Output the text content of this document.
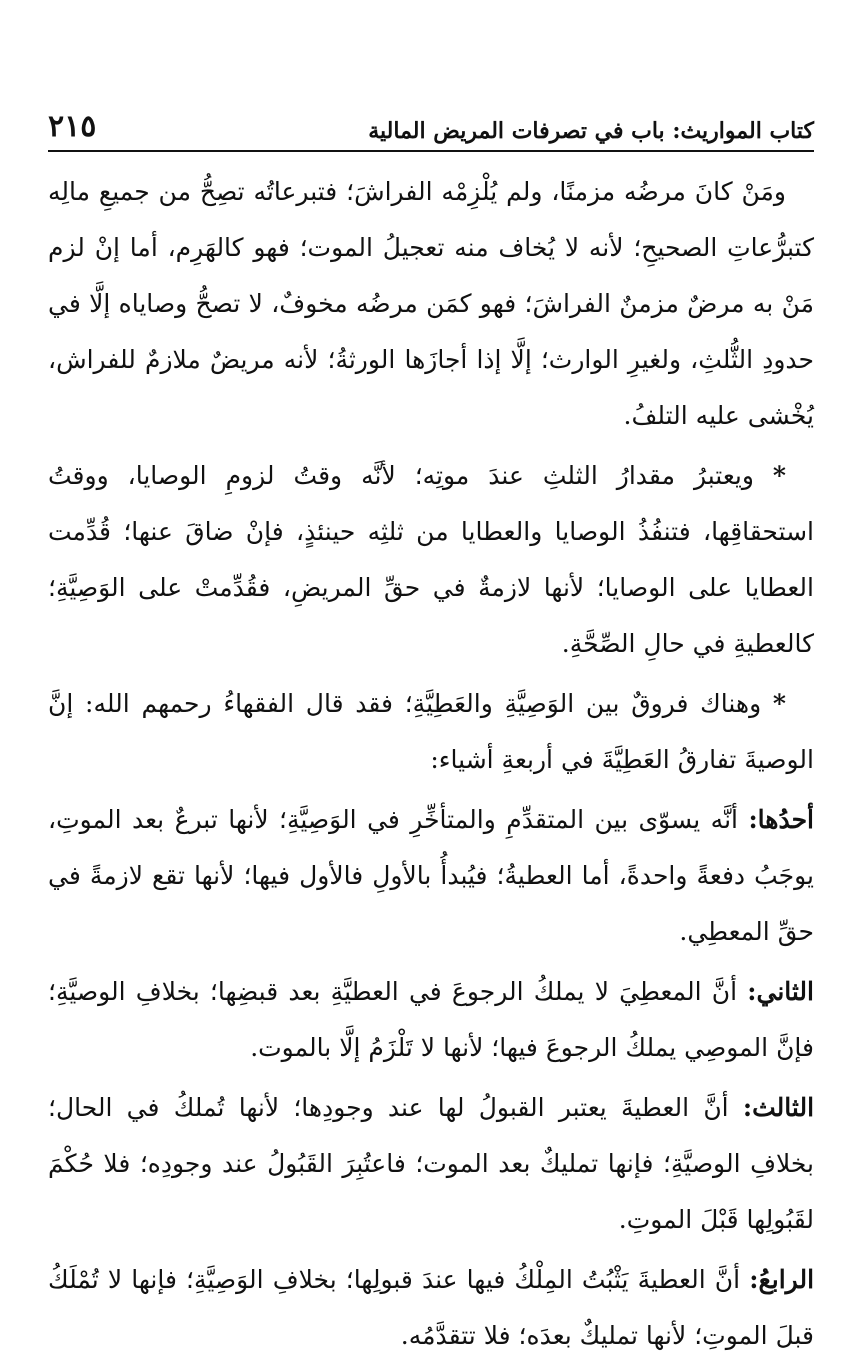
كتاب المواريث: باب في تصرفات المريض المالية
٢١٥

ومَنْ كانَ مرضُه مزمنًا، ولم يُلْزِمْه الفراشَ؛ فتبرعاتُه تصِحُّ من جميعِ مالِه كتبرُّعاتِ الصحيحِ؛ لأنه لا يُخاف منه تعجيلُ الموت؛ فهو كالهَرِم، أما إنْ لزم مَنْ به مرضٌ مزمنٌ الفراشَ؛ فهو كمَن مرضُه مخوفٌ، لا تصحُّ وصاياه إلَّا في حدودِ الثُّلثِ، ولغيرِ الوارث؛ إلَّا إذا أجازَها الورثةُ؛ لأنه مريضٌ ملازمٌ للفراش، يُخْشى عليه التلفُ.

* ويعتبرُ مقدارُ الثلثِ عندَ موتِه؛ لأنَّه وقتُ لزومِ الوصايا، ووقتُ استحقاقِها، فتنفُذُ الوصايا والعطايا من ثلثِه حينئذٍ، فإنْ ضاقَ عنها؛ قُدِّمت العطايا على الوصايا؛ لأنها لازمةٌ في حقِّ المريضِ، فقُدِّمتْ على الوَصِيَّةِ؛ كالعطيةِ في حالِ الصِّحَّةِ.

* وهناك فروقٌ بين الوَصِيَّةِ والعَطِيَّةِ؛ فقد قال الفقهاءُ رحمهم الله: إنَّ الوصيةَ تفارقُ العَطِيَّةَ في أربعةِ أشياء:

أحدُها: أنَّه يسوّى بين المتقدِّمِ والمتأخِّرِ في الوَصِيَّةِ؛ لأنها تبرعٌ بعد الموتِ، يوجَبُ دفعةً واحدةً، أما العطيةُ؛ فيُبدأُ بالأولِ فالأول فيها؛ لأنها تقع لازمةً في حقِّ المعطِي.

الثاني: أنَّ المعطِيَ لا يملكُ الرجوعَ في العطيَّةِ بعد قبضِها؛ بخلافِ الوصيَّةِ؛ فإنَّ الموصِي يملكُ الرجوعَ فيها؛ لأنها لا تَلْزَمُ إلَّا بالموت.

الثالث: أنَّ العطيةَ يعتبر القبولُ لها عند وجودِها؛ لأنها تُملكُ في الحال؛ بخلافِ الوصيَّةِ؛ فإنها تمليكٌ بعد الموت؛ فاعتُبِرَ القَبُولُ عند وجودِه؛ فلا حُكْمَ لقَبُولِها قَبْلَ الموتِ.

الرابعُ: أنَّ العطيةَ يَثْبُتُ المِلْكُ فيها عندَ قبولِها؛ بخلافِ الوَصِيَّةِ؛ فإنها لا تُمْلَكُ قبلَ الموتِ؛ لأنها تمليكٌ بعدَه؛ فلا تتقدَّمُه.
